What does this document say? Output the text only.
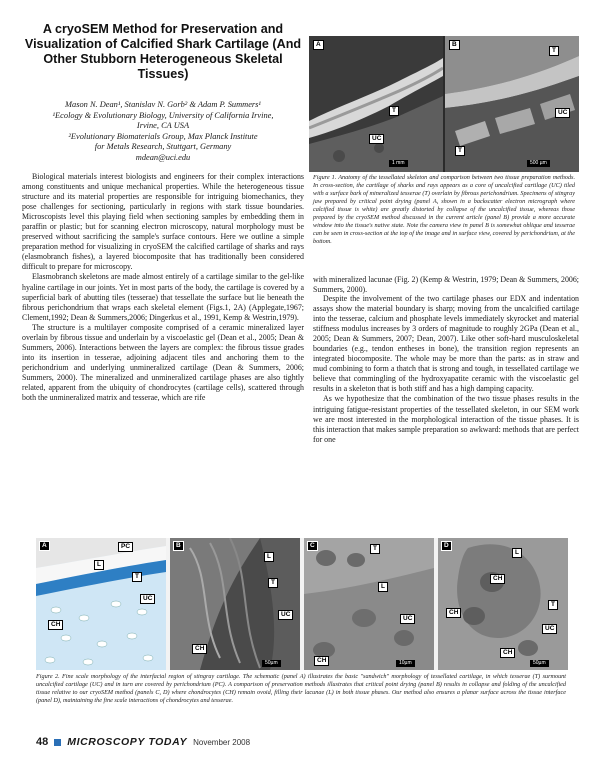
A cryoSEM Method for Preservation and Visualization of Calcified Shark Cartilage (And Other Stubborn Heterogeneous Skeletal Tissues)
Mason N. Dean¹, Stanislav N. Gorb² & Adam P. Summers¹
¹Ecology & Evolutionary Biology, University of California Irvine,
Irvine, CA USA
²Evolutionary Biomaterials Group, Max Planck Institute
for Metals Research, Stuttgart, Germany
mdean@uci.edu

Biological materials interest biologists and engineers for their complex interactions among constituents and unique mechanical properties. While the heterogeneous tissue structure and its material properties are responsible for intriguing biomechanics, they pose challenges for sectioning, particularly in regions with stark tissue boundaries. Microscopists level this playing field when sectioning samples by embedding them in paraffin or plastic; but for scanning electron microscopy, natural morphology must be preserved without sacrificing the sample's surface contours. Here we outline a simple preparation method for visualizing in cryoSEM the calcified cartilage of sharks and rays (elasmobranch fishes), a layered biocomposite that has traditionally been considered difficult to prepare for microscopy.

Elasmobranch skeletons are made almost entirely of a cartilage similar to the gel-like hyaline cartilage in our joints. Yet in most parts of the body, the cartilage is covered by a superficial bark of abutting tiles (tesserae) that tessellate the surface but lie beneath the fibrous perichondrium that wraps each skeletal element (Figs.1, 2A) (Applegate,1967; Clement,1992; Dean & Summers,2006; Dingerkus et al., 1991, Kemp & Westrin,1979).

The structure is a multilayer composite comprised of a ceramic mineralized layer overlain by fibrous tissue and underlain by a viscoelastic gel (Dean et al., 2005; Dean & Summers, 2006). Interactions between the layers are complex: the fibrous tissue grades into its insertion in tesserae, adjoining adjacent tiles and anchoring them to the perichondrium and underlying unmineralized cartilage (Dean & Summers, 2006; Summers, 2000). The mineralized and unmineralized cartilage phases are also tightly related, apparent from the ubiquity of chondrocytes (cartilage cells), scattered through both the unmineralized matrix and tesserae, which are rife

A
T
UC
1 mm
B
T
UC
T
500 µm
Figure 1. Anatomy of the tessellated skeleton and comparison between two tissue preparation methods. In cross-section, the cartilage of sharks and rays appears as a core of uncalcified cartilage (UC) tiled with a surface bark of mineralized tesserae (T) overlain by fibrous perichondrium. Specimens of stingray jaw prepared by critical point drying (panel A, shown in a backscatter electron micrograph where calcified tissue is white) are greatly distorted by collapse of the uncalcified tissue, whereas those prepared by the cryoSEM method discussed in the current article (panel B) provide a more accurate window into the tissue's native state. Note the camera view in panel B is somewhat oblique and tesserae can be seen in cross-section at the top of the image and in surface view, covered by perichondrium, at the bottom.

with mineralized lacunae (Fig. 2) (Kemp & Westrin, 1979; Dean & Summers, 2006; Summers, 2000).

Despite the involvement of the two cartilage phases our EDX and indentation assays show the material boundary is sharp; moving from the uncalcified cartilage into the tesserae, calcium and phosphate levels immediately skyrocket and material stiffness modulus increases by 3 orders of magnitude to roughly 2GPa (Dean et al., 2005; Dean & Summers, 2007; Dean, 2007). Like other soft-hard musculoskeletal boundaries (e.g., tendon entheses in bone), the transition region represents an integrated biocomposite. The whole may be more than the parts: as in straw and mud combining to form a thatch that is strong and tough, in tessellated cartilage we believe that commingling of the hydroxyapatite ceramic with the viscoelastic gel results in a skeleton that is both stiff and has a high damping capacity.

As we hypothesize that the combination of the two tissue phases results in the intriguing fatigue-resistant properties of the tessellated skeleton, in our SEM work we are most interested in the morphological interaction of the tissue phases. It is this interaction that makes sample preparation so awkward: methods that are perfect for one

A	PC
L
T
UC
CH
B
L
T
UC
CH
50µm
C	T
L
UC
CH	10µm
D
L
CH
CH
T
UC
CH
50µm
Figure 2. Fine scale morphology of the interfacial region of stingray cartilage. The schematic (panel A) illustrates the basic "sandwich" morphology of tessellated cartilage, in which tesserae (T) surmount uncalcified cartilage (UC) and in turn are covered by perichondrium (PC). A comparison of preservation methods illustrates that critical point drying (panel B) results in collapse and folding of the uncalcified tissue relative to our cryoSEM method (panels C, D) where chondrocytes (CH) remain ovoid, filling their lacunae (L) in both tissue phases. Our method also ensures a planar surface across the tissue interface (panel D), maintaining the fine scale interactions of chondrocytes and tesserae.
48 MICROSCOPY TODAY November 2008
